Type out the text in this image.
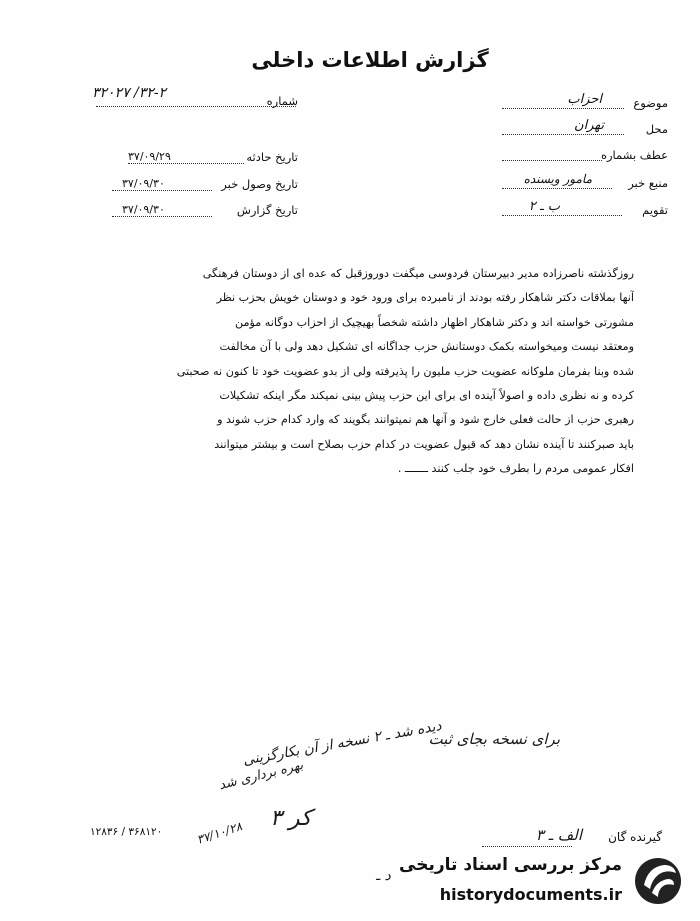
گزارش اطلاعات داخلی
موضوع
احزاب
محل
تهران
عطف بشماره
منبع خبر
مامور ویسنده
تقویم
ب ـ ۲
شماره
۳۲-۲/ ۳۲۰۲۷
تاریخ حادثه
۳۷/۰۹/۲۹
تاریخ وصول خبر
۳۷/۰۹/۳۰
تاریخ گزارش
۳۷/۰۹/۳۰
روزگذشته ناصرزاده مدیر دبیرستان فردوسی میگفت دوروزقبل که عده ای از دوستان فرهنگی
آنها بملاقات دکتر شاهکار رفته بودند از نامبرده برای ورود خود و دوستان خویش بحزب نظر
مشورتی خواسته اند و دکتر شاهکار اظهار داشته شخصاً بهیچیک از احزاب دوگانه مؤمن
ومعتقد نیست ومیخواسته بکمک دوستانش حزب جداگانه ای تشکیل دهد ولی با آن مخالفت
شده وبنا بفرمان ملوکانه عضویت حزب ملیون را پذیرفته ولی از بدو عضویت خود تا کنون نه صحبتی
کرده و نه نظری داده و اصولاً آینده ای برای این حزب پیش بینی نمیکند مگر اینکه تشکیلات
رهبری حزب از حالت فعلی خارج شود و آنها هم نمیتوانند بگویند که وارد کدام حزب شوند و
باید صبرکنند تا آینده نشان دهد که قبول عضویت در کدام حزب بصلاح است و بیشتر میتوانند
افکار عمومی مردم را بطرف خود جلب کنند ـــــــ .
برای نسخه بجای ثبت
دیده شد ـ ۲ نسخه از آن بکارگزینی
بهره برداری شد
کر ۳
۳۷/۱۰/۲۸	گیرنده گان
الف ـ ۳
۳۶۸۱۲۰ / ۱۲۸۳۶
د ـ
مرکز بررسی اسناد تاریخی
historydocuments.ir
